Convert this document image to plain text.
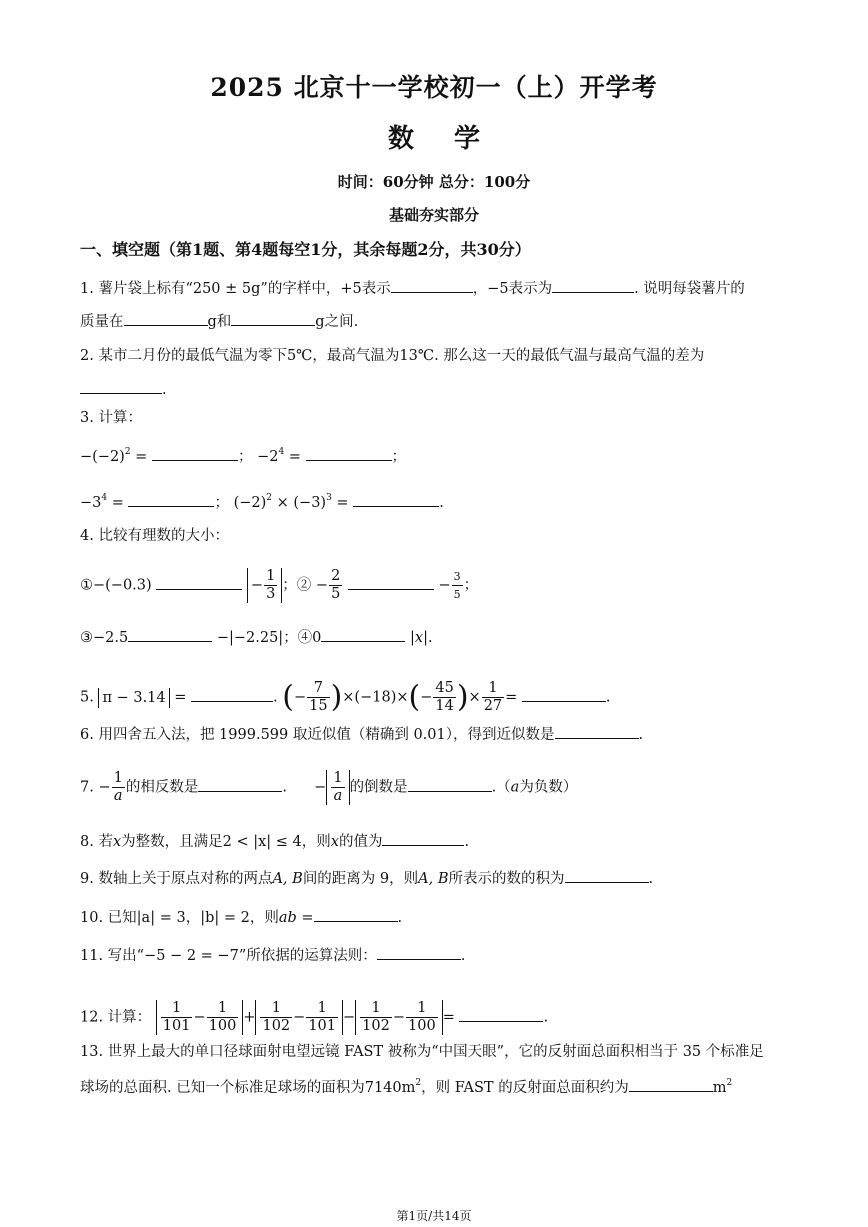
2025 北京十一学校初一（上）开学考
数学
时间：60分钟 总分：100分
基础夯实部分
一、填空题（第1题、第4题每空1分，其余每题2分，共30分）
1. 薯片袋上标有“250 ± 5g”的字样中，+5表示	，−5表示为	. 说明每袋薯片的
质量在	g和	g之间.
2. 某市二月份的最低气温为零下5℃，最高气温为13℃. 那么这一天的最低气温与最高气温的差为
.
3. 计算：
$-(-2)^2$ =	； $-2^4$ =	；
$-3^4$ =	； $(-2)^2 \times (-3)^3$ =	.
4. 比较有理数的大小：
①−(−0.3)	− $\frac{1}{3}$ ；② − $\frac{2}{5}$	− $\frac{3}{5}$ ；
③−2.5	−|−2.25|；④0	|x|.
5. π − 3.14 =	. (− $\frac{7}{15} )\times(-18)\times(- \frac{45}{14}$ )× $\frac{1}{27}$ =	.
6. 用四舍五入法，把 1999.599 取近似值（精确到 0.01），得到近似数是	.
7. − $\frac{1}{a}$ 的相反数是	. − $\frac{1}{a}$ 的倒数是	.（a为负数）
8. 若x为整数，且满足2 < |x| ≤ 4，则x的值为	.
9. 数轴上关于原点对称的两点A, B间的距离为 9，则A, B所表示的数的积为	.
10. 已知|a| = 3，|b| = 2，则ab =	.
11. 写出“−5 − 2 = −7”所依据的运算法则：	.
12. 计算： $\frac{1}{101} - \frac{1}{100} + \frac{1}{102} - \frac{1}{101} - \frac{1}{102} - \frac{1}{100}$ =	.
13. 世界上最大的单口径球面射电望远镜 FAST 被称为“中国天眼”，它的反射面总面积相当于 35 个标准足
球场的总面积. 已知一个标准足球场的面积为$7140m^2$，则 FAST 的反射面总面积约为	$m^2$
第1页/共14页
